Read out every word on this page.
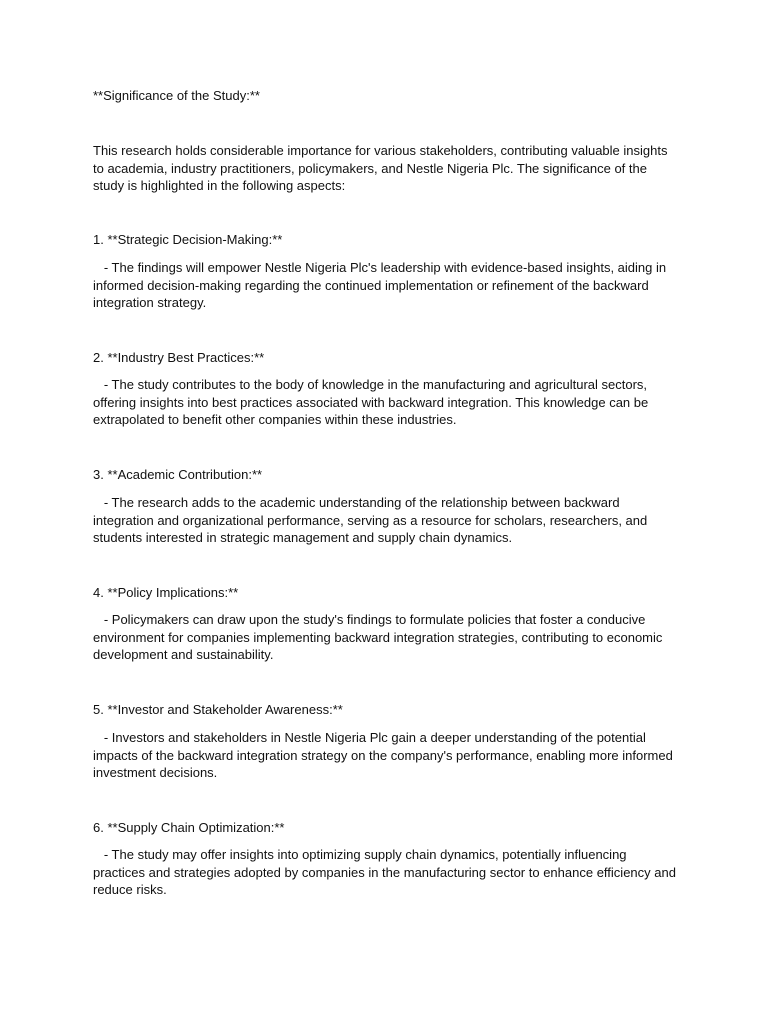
**Significance of the Study:**

This research holds considerable importance for various stakeholders, contributing valuable insights to academia, industry practitioners, policymakers, and Nestle Nigeria Plc. The significance of the study is highlighted in the following aspects:

1. **Strategic Decision-Making:**

- The findings will empower Nestle Nigeria Plc's leadership with evidence-based insights, aiding in informed decision-making regarding the continued implementation or refinement of the backward integration strategy.

2. **Industry Best Practices:**

- The study contributes to the body of knowledge in the manufacturing and agricultural sectors, offering insights into best practices associated with backward integration. This knowledge can be extrapolated to benefit other companies within these industries.

3. **Academic Contribution:**

- The research adds to the academic understanding of the relationship between backward integration and organizational performance, serving as a resource for scholars, researchers, and students interested in strategic management and supply chain dynamics.

4. **Policy Implications:**

- Policymakers can draw upon the study's findings to formulate policies that foster a conducive environment for companies implementing backward integration strategies, contributing to economic development and sustainability.

5. **Investor and Stakeholder Awareness:**

- Investors and stakeholders in Nestle Nigeria Plc gain a deeper understanding of the potential impacts of the backward integration strategy on the company's performance, enabling more informed investment decisions.

6. **Supply Chain Optimization:**

- The study may offer insights into optimizing supply chain dynamics, potentially influencing practices and strategies adopted by companies in the manufacturing sector to enhance efficiency and reduce risks.
